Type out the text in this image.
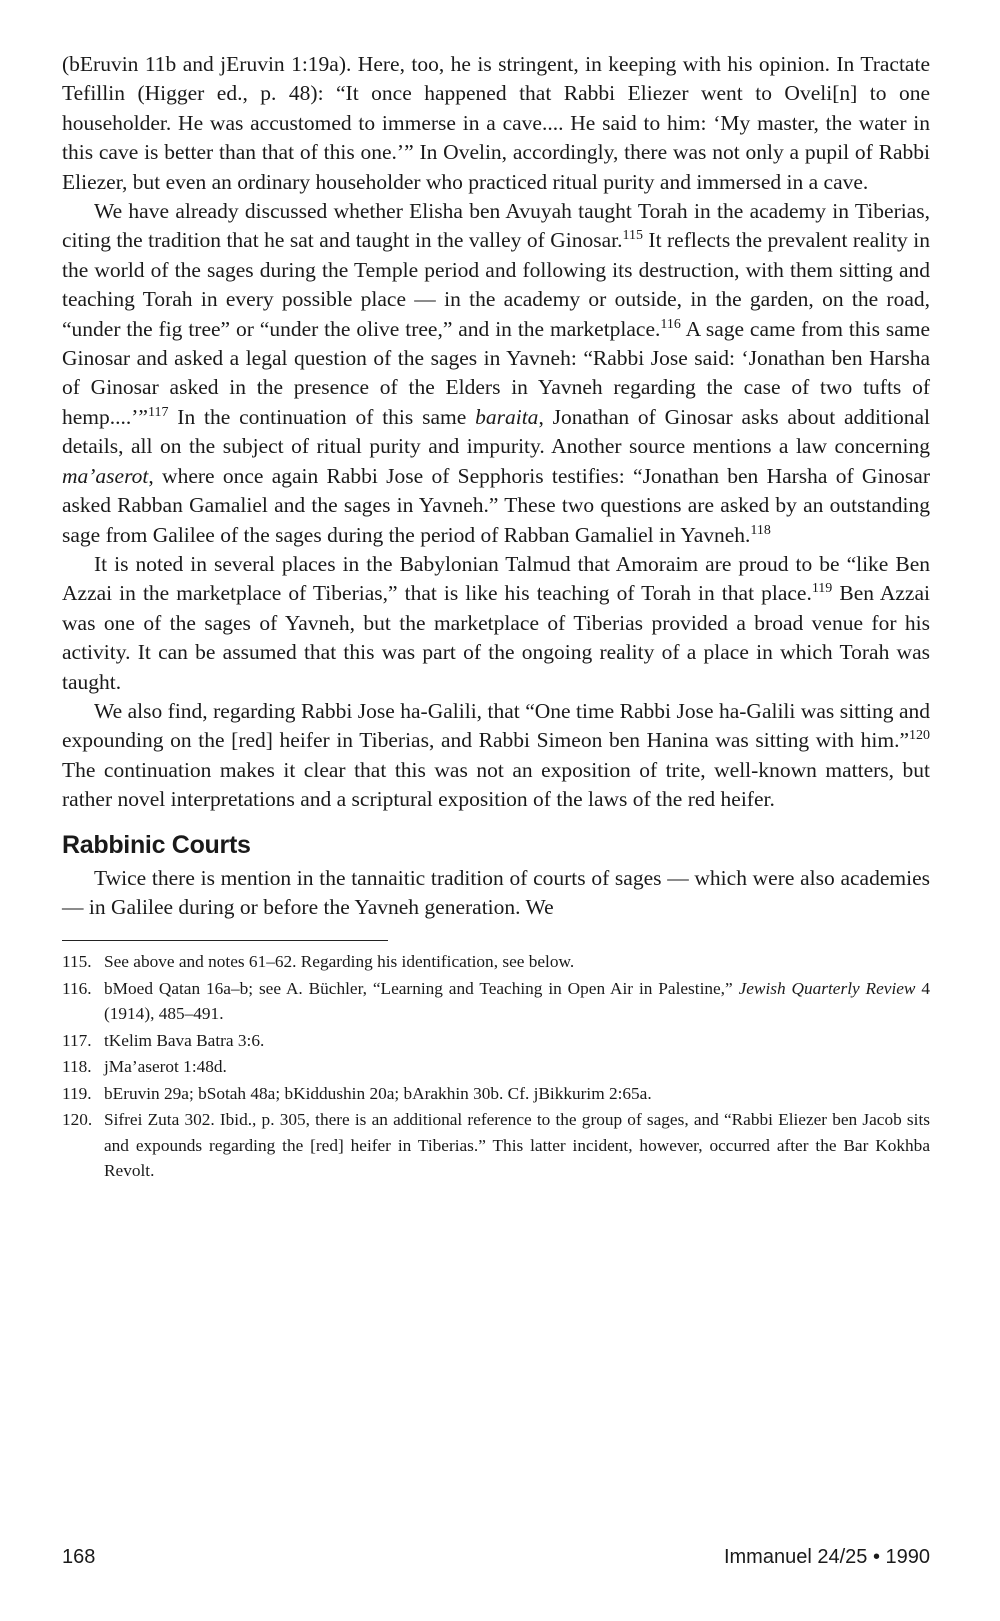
(bEruvin 11b and jEruvin 1:19a). Here, too, he is stringent, in keeping with his opinion. In Tractate Tefillin (Higger ed., p. 48): “It once happened that Rabbi Eliezer went to Oveli[n] to one householder. He was accustomed to immerse in a cave.... He said to him: ‘My master, the water in this cave is better than that of this one.’” In Ovelin, accordingly, there was not only a pupil of Rabbi Eliezer, but even an ordinary householder who practiced ritual purity and immersed in a cave.

We have already discussed whether Elisha ben Avuyah taught Torah in the academy in Tiberias, citing the tradition that he sat and taught in the valley of Ginosar.$^{115}$ It reflects the prevalent reality in the world of the sages during the Temple period and following its destruction, with them sitting and teaching Torah in every possible place — in the academy or outside, in the garden, on the road, “under the fig tree” or “under the olive tree,” and in the marketplace.$^{116}$ A sage came from this same Ginosar and asked a legal question of the sages in Yavneh: “Rabbi Jose said: ‘Jonathan ben Harsha of Ginosar asked in the presence of the Elders in Yavneh regarding the case of two tufts of hemp....’”$^{117}$ In the continuation of this same baraita, Jonathan of Ginosar asks about additional details, all on the subject of ritual purity and impurity. Another source mentions a law concerning ma’aserot, where once again Rabbi Jose of Sepphoris testifies: “Jonathan ben Harsha of Ginosar asked Rabban Gamaliel and the sages in Yavneh.” These two questions are asked by an outstanding sage from Galilee of the sages during the period of Rabban Gamaliel in Yavneh.$^{118}$

It is noted in several places in the Babylonian Talmud that Amoraim are proud to be “like Ben Azzai in the marketplace of Tiberias,” that is like his teaching of Torah in that place.$^{119}$ Ben Azzai was one of the sages of Yavneh, but the marketplace of Tiberias provided a broad venue for his activity. It can be assumed that this was part of the ongoing reality of a place in which Torah was taught.

We also find, regarding Rabbi Jose ha-Galili, that “One time Rabbi Jose ha-Galili was sitting and expounding on the [red] heifer in Tiberias, and Rabbi Simeon ben Hanina was sitting with him.”$^{120}$ The continuation makes it clear that this was not an exposition of trite, well-known matters, but rather novel interpretations and a scriptural exposition of the laws of the red heifer.

Rabbinic Courts

Twice there is mention in the tannaitic tradition of courts of sages — which were also academies — in Galilee during or before the Yavneh generation. We

115. See above and notes 61–62. Regarding his identification, see below.
116. bMoed Qatan 16a–b; see A. Büchler, “Learning and Teaching in Open Air in Palestine,” Jewish Quarterly Review 4 (1914), 485–491.
117. tKelim Bava Batra 3:6.
118. jMa’aserot 1:48d.
119. bEruvin 29a; bSotah 48a; bKiddushin 20a; bArakhin 30b. Cf. jBikkurim 2:65a.
120. Sifrei Zuta 302. Ibid., p. 305, there is an additional reference to the group of sages, and “Rabbi Eliezer ben Jacob sits and expounds regarding the [red] heifer in Tiberias.” This latter incident, however, occurred after the Bar Kokhba Revolt.
168	Immanuel 24/25 • 1990
